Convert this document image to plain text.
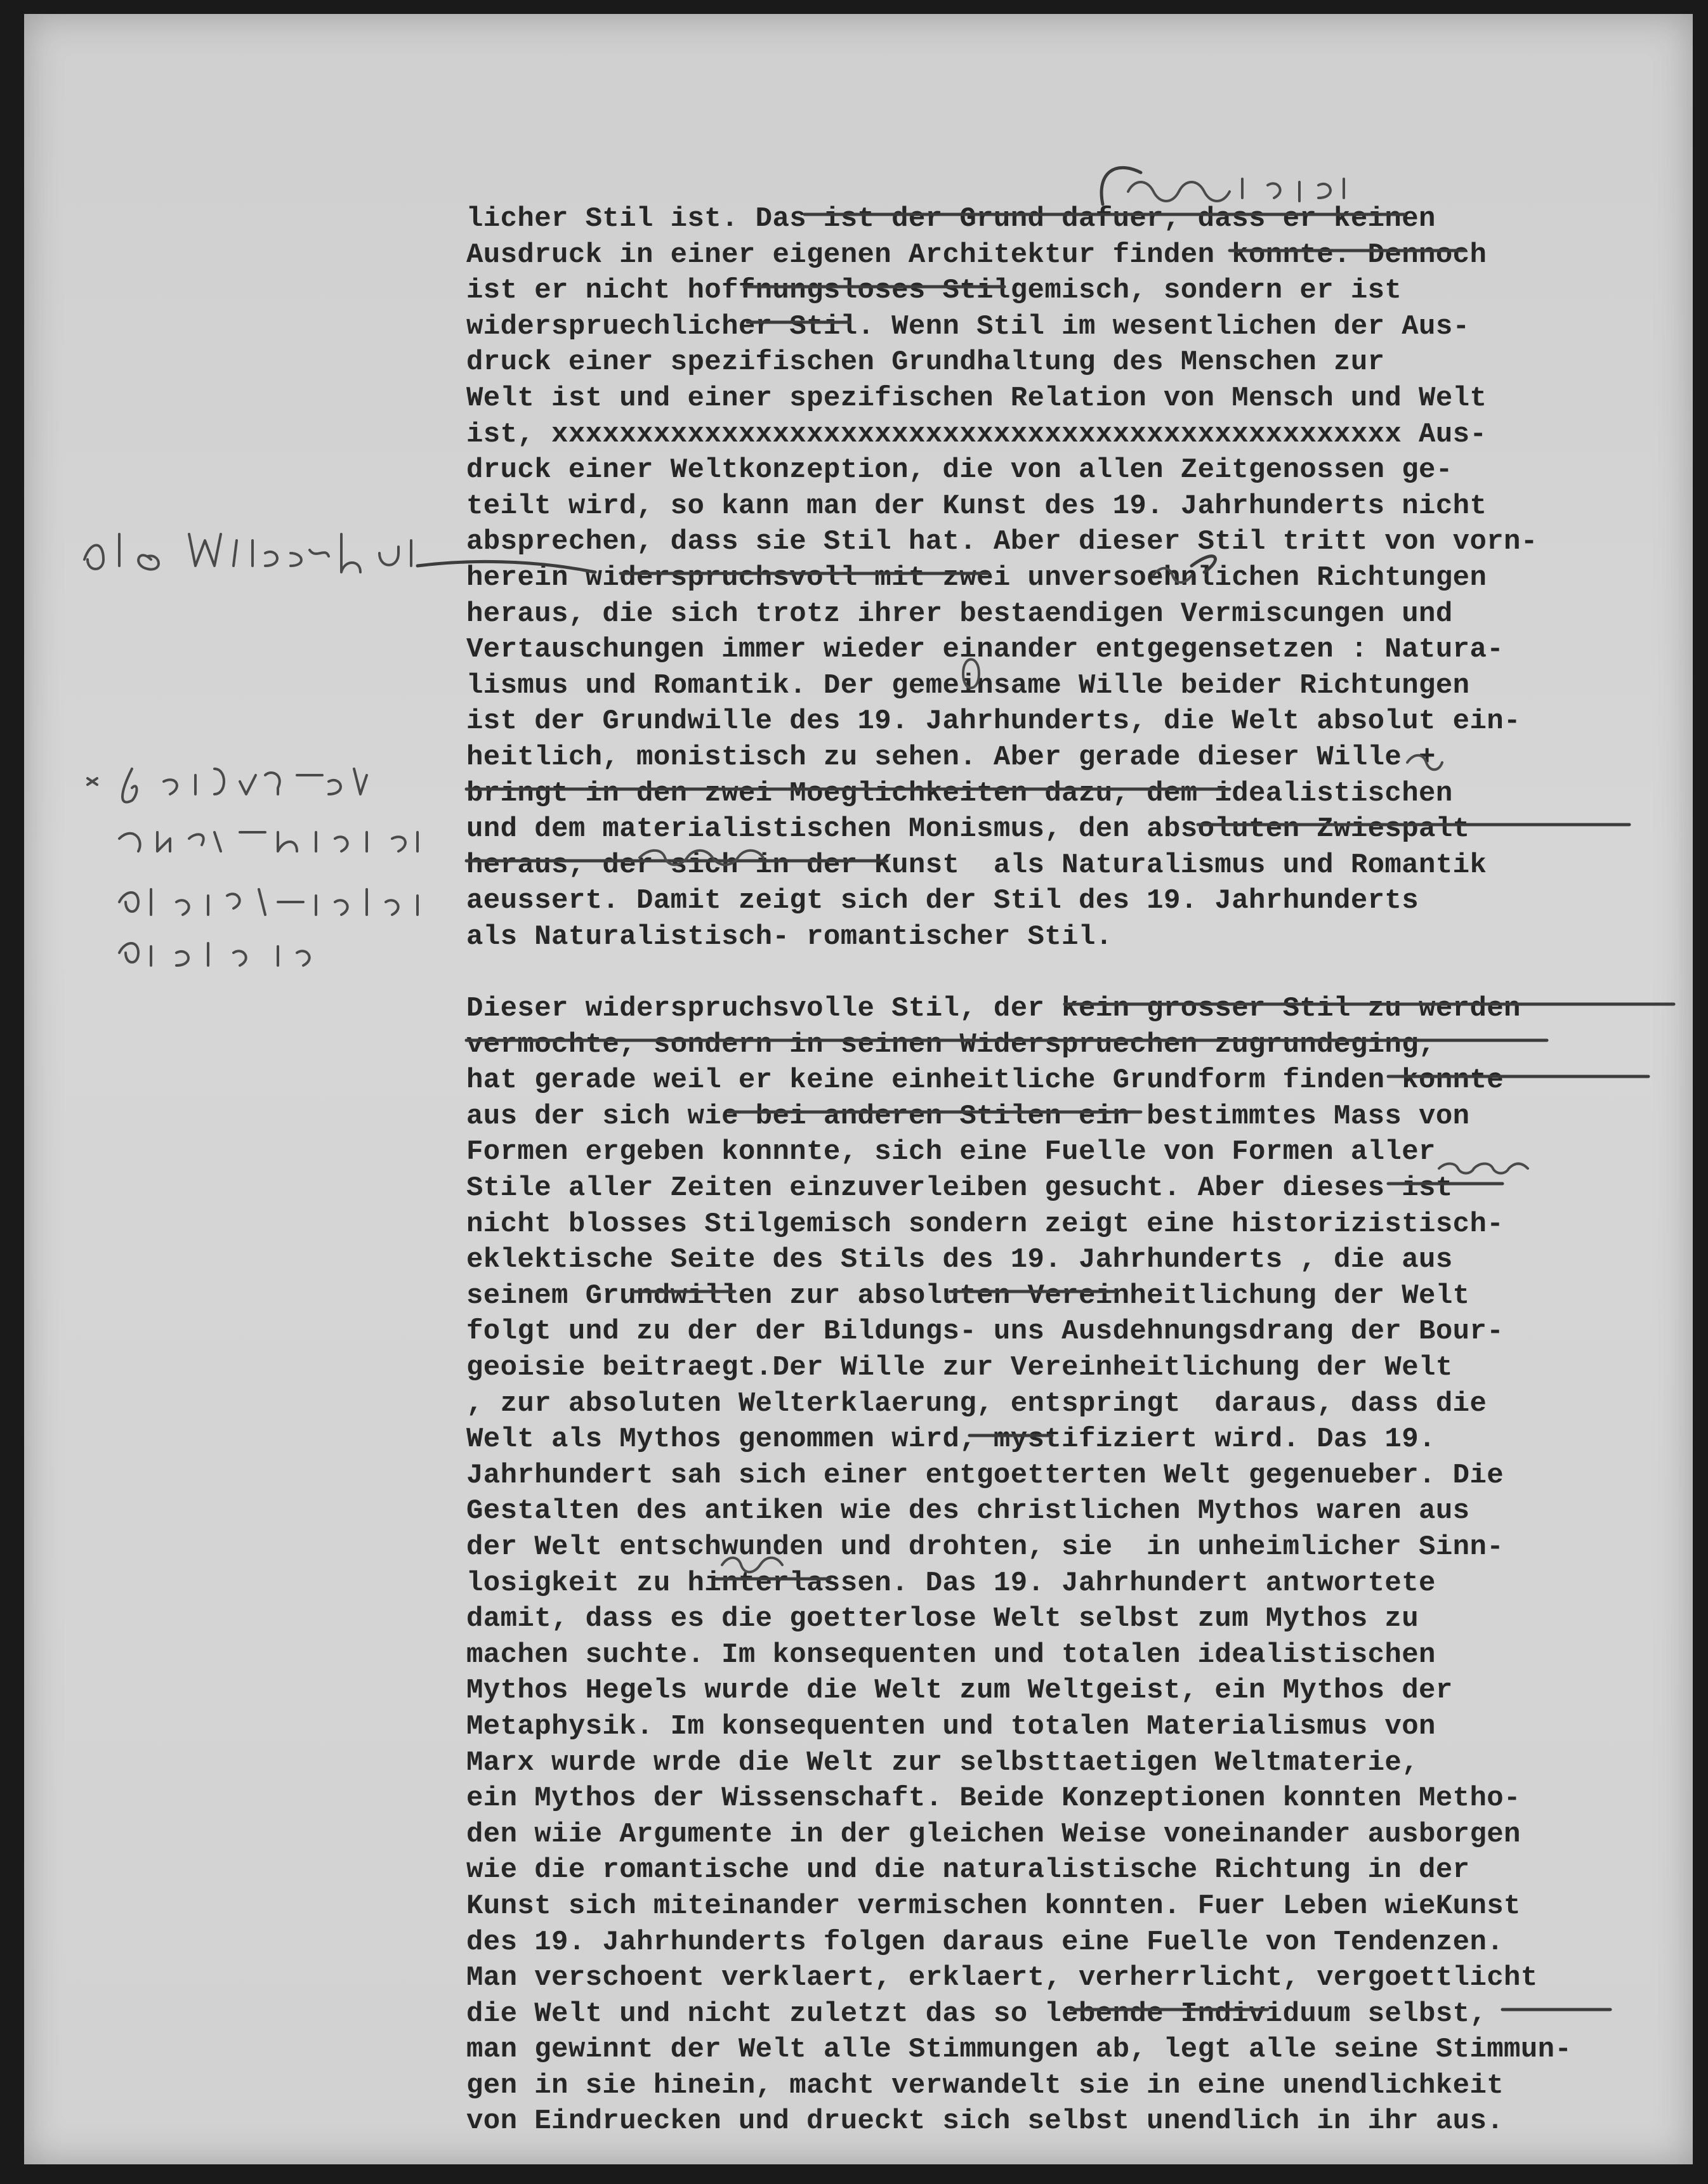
licher Stil ist. Das ist der Grund dafuer, dass er keinen
Ausdruck in einer eigenen Architektur finden konnte. Dennoch
ist er nicht hoffnungsloses Stilgemisch, sondern er ist
widerspruechlicher Stil. Wenn Stil im wesentlichen der Aus-
druck einer spezifischen Grundhaltung des Menschen zur
Welt ist und einer spezifischen Relation von Mensch und Welt
ist, xxxxxxxxxxxxxxxxxxxxxxxxxxxxxxxxxxxxxxxxxxxxxxxxxx Aus-
druck einer Weltkonzeption, die von allen Zeitgenossen ge-
teilt wird, so kann man der Kunst des 19. Jahrhunderts nicht
absprechen, dass sie Stil hat. Aber dieser Stil tritt von vorn-
herein widerspruchsvoll mit zwei unversoehnlichen Richtungen
heraus, die sich trotz ihrer bestaendigen Vermiscungen und
Vertauschungen immer wieder einander entgegensetzen : Natura-
lismus und Romantik. Der gemeinsame Wille beider Richtungen
ist der Grundwille des 19. Jahrhunderts, die Welt absolut ein-
heitlich, monistisch zu sehen. Aber gerade dieser Wille +
bringt in den zwei Moeglichkeiten dazu, dem idealistischen
und dem materialistischen Monismus, den absoluten Zwiespalt
heraus, der sich in der Kunst  als Naturalismus und Romantik
aeussert. Damit zeigt sich der Stil des 19. Jahrhunderts
als Naturalistisch- romantischer Stil.
Dieser widerspruchsvolle Stil, der kein grosser Stil zu werden
vermochte, sondern in seinen Widerspruechen zugrundeging,
hat gerade weil er keine einheitliche Grundform finden konnte
aus der sich wie bei anderen Stilen ein bestimmtes Mass von
Formen ergeben konnnte, sich eine Fuelle von Formen aller
Stile aller Zeiten einzuverleiben gesucht. Aber dieses ist
nicht blosses Stilgemisch sondern zeigt eine historizistisch-
eklektische Seite des Stils des 19. Jahrhunderts , die aus
seinem Grundwillen zur absoluten Vereinheitlichung der Welt
folgt und zu der der Bildungs- uns Ausdehnungsdrang der Bour-
geoisie beitraegt.Der Wille zur Vereinheitlichung der Welt
, zur absoluten Welterklaerung, entspringt  daraus, dass die
Welt als Mythos genommen wird, mystifiziert wird. Das 19.
Jahrhundert sah sich einer entgoetterten Welt gegenueber. Die
Gestalten des antiken wie des christlichen Mythos waren aus
der Welt entschwunden und drohten, sie  in unheimlicher Sinn-
losigkeit zu hinterlassen. Das 19. Jahrhundert antwortete
damit, dass es die goetterlose Welt selbst zum Mythos zu
machen suchte. Im konsequenten und totalen idealistischen
Mythos Hegels wurde die Welt zum Weltgeist, ein Mythos der
Metaphysik. Im konsequenten und totalen Materialismus von
Marx wurde wrde die Welt zur selbsttaetigen Weltmaterie,
ein Mythos der Wissenschaft. Beide Konzeptionen konnten Metho-
den wiie Argumente in der gleichen Weise voneinander ausborgen
wie die romantische und die naturalistische Richtung in der
Kunst sich miteinander vermischen konnten. Fuer Leben wieKunst
des 19. Jahrhunderts folgen daraus eine Fuelle von Tendenzen.
Man verschoent verklaert, erklaert, verherrlicht, vergoettlicht
die Welt und nicht zuletzt das so lebende Individuum selbst,
man gewinnt der Welt alle Stimmungen ab, legt alle seine Stimmun-
gen in sie hinein, macht verwandelt sie in eine unendlichkeit
von Eindruecken und drueckt sich selbst unendlich in ihr aus.
